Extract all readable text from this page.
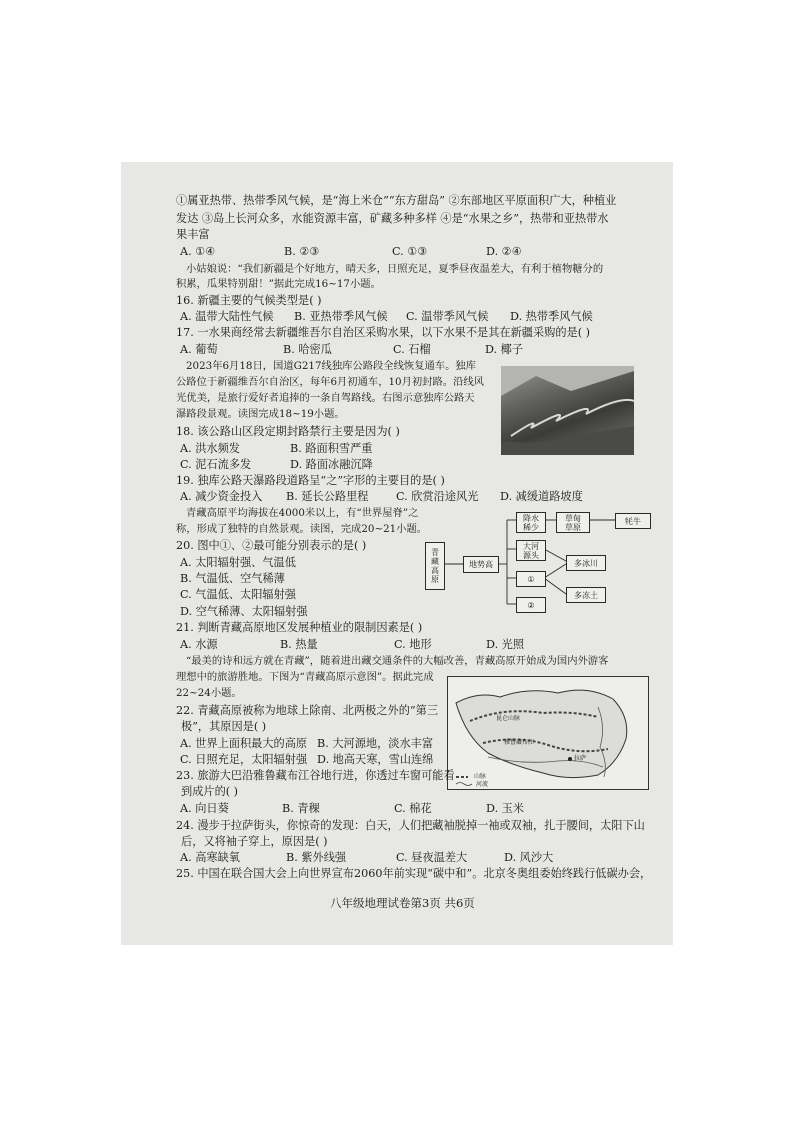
①属亚热带、热带季风气候，是“海上米仓”“东方甜岛” ②东部地区平原面积广大，种植业
发达 ③岛上长河众多，水能资源丰富，矿藏多种多样 ④是“水果之乡”，热带和亚热带水
果丰富
A. ①④	B. ②③	C. ①③	D. ②④
小姑娘说：“我们新疆是个好地方，晴天多，日照充足，夏季昼夜温差大，有利于植物糖分的
积累，瓜果特别甜！”据此完成16~17小题。
16. 新疆主要的气候类型是( )
A. 温带大陆性气候 B. 亚热带季风气候 C. 温带季风气候 D. 热带季风气候
17. 一水果商经常去新疆维吾尔自治区采购水果，以下水果不是其在新疆采购的是( )
A. 葡萄	B. 哈密瓜	C. 石榴	D. 椰子
2023年6月18日，国道G217线独库公路段全线恢复通车。独库
公路位于新疆维吾尔自治区，每年6月初通车，10月初封路。沿线风
光优美，是旅行爱好者追捧的一条自驾路线。右图示意独库公路天
瀑路段景观。读图完成18~19小题。
18. 该公路山区段定期封路禁行主要是因为( )
A. 洪水频发	B. 路面积雪严重
C. 泥石流多发	D. 路面冰融沉降
19. 独库公路天瀑路段道路呈“之”字形的主要目的是( )
A. 减少资金投入 B. 延长公路里程 C. 欣赏沿途风光 D. 减缓道路坡度
青藏高原平均海拔在4000米以上，有“世界屋脊”之
称，形成了独特的自然景观。读图，完成20~21小题。
青藏高原
地势高
降水稀少
草甸草原
牦牛
大河源头
①
②
多冰川
多冻土
20. 图中①、②最可能分别表示的是( )
A. 太阳辐射强、气温低
B. 气温低、空气稀薄
C. 气温低、太阳辐射强
D. 空气稀薄、太阳辐射强
21. 判断青藏高原地区发展种植业的限制因素是( )
A. 水源	B. 热量	C. 地形	D. 光照
“最美的诗和远方就在青藏”，随着进出藏交通条件的大幅改善，青藏高原开始成为国内外游客
理想中的旅游胜地。下图为“青藏高原示意图”。据此完成
22~24小题。
昆仑山脉
雅鲁藏布江
拉萨
山脉
河流
22. 青藏高原被称为地球上除南、北两极之外的“第三
极”，其原因是( )
A. 世界上面积最大的高原 B. 大河源地，淡水丰富
C. 日照充足，太阳辐射强 D. 地高天寒，雪山连绵
23. 旅游大巴沿雅鲁藏布江谷地行进，你透过车窗可能看
到成片的( )
A. 向日葵	B. 青稞	C. 棉花	D. 玉米
24. 漫步于拉萨街头，你惊奇的发现：白天，人们把藏袖脱掉一袖或双袖，扎于腰间，太阳下山
后，又将袖子穿上，原因是( )
A. 高寒缺氧	B. 紫外线强	C. 昼夜温差大	D. 风沙大
25. 中国在联合国大会上向世界宣布2060年前实现“碳中和”。北京冬奥组委始终践行低碳办会，
八年级地理试卷第3页 共6页
